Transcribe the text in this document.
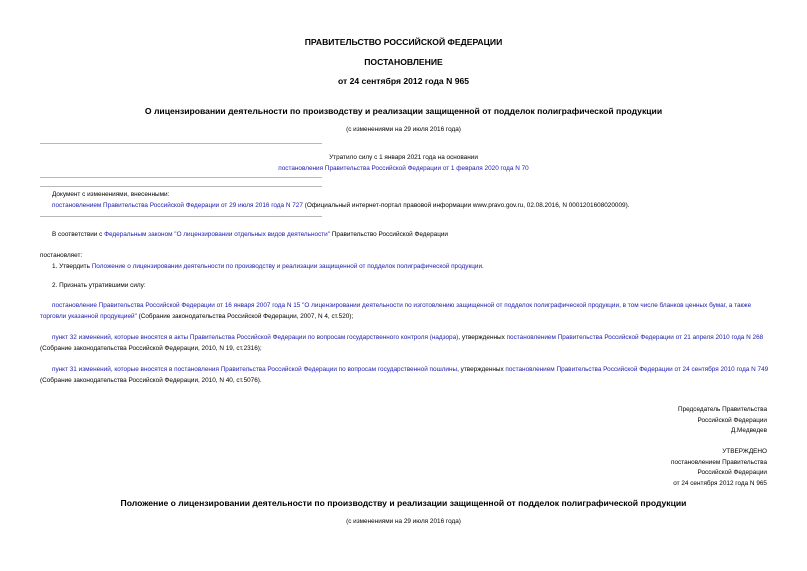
ПРАВИТЕЛЬСТВО РОССИЙСКОЙ ФЕДЕРАЦИИ
ПОСТАНОВЛЕНИЕ
от 24 сентября 2012 года N 965
О лицензировании деятельности по производству и реализации защищенной от подделок полиграфической продукции
(с изменениями на 29 июля 2016 года)
Утратило силу с 1 января 2021 года на основании
постановления Правительства Российской Федерации от 1 февраля 2020 года N 70
Документ с изменениями, внесенными:
постановлением Правительства Российской Федерации от 29 июля 2016 года N 727 (Официальный интернет-портал правовой информации www.pravo.gov.ru, 02.08.2016, N 0001201608020009).
В соответствии с Федеральным законом "О лицензировании отдельных видов деятельности" Правительство Российской Федерации
постановляет:
1. Утвердить Положение о лицензировании деятельности по производству и реализации защищенной от подделок полиграфической продукции.
2. Признать утратившими силу:
постановление Правительства Российской Федерации от 16 января 2007 года N 15 "О лицензировании деятельности по изготовлению защищенной от подделок полиграфической продукции, в том числе бланков ценных бумаг, а также торговли указанной продукцией" (Собрание законодательства Российской Федерации, 2007, N 4, ст.520);
пункт 32 изменений, которые вносятся в акты Правительства Российской Федерации по вопросам государственного контроля (надзора), утвержденных постановлением Правительства Российской Федерации от 21 апреля 2010 года N 268 (Собрание законодательства Российской Федерации, 2010, N 19, ст.2316);
пункт 31 изменений, которые вносятся в постановления Правительства Российской Федерации по вопросам государственной пошлины, утвержденных постановлением Правительства Российской Федерации от 24 сентября 2010 года N 749 (Собрание законодательства Российской Федерации, 2010, N 40, ст.5076).
Председатель Правительства
Российской Федерации
Д.Медведев
УТВЕРЖДЕНО
постановлением Правительства
Российской Федерации
от 24 сентября 2012 года N 965
Положение о лицензировании деятельности по производству и реализации защищенной от подделок полиграфической продукции
(с изменениями на 29 июля 2016 года)
